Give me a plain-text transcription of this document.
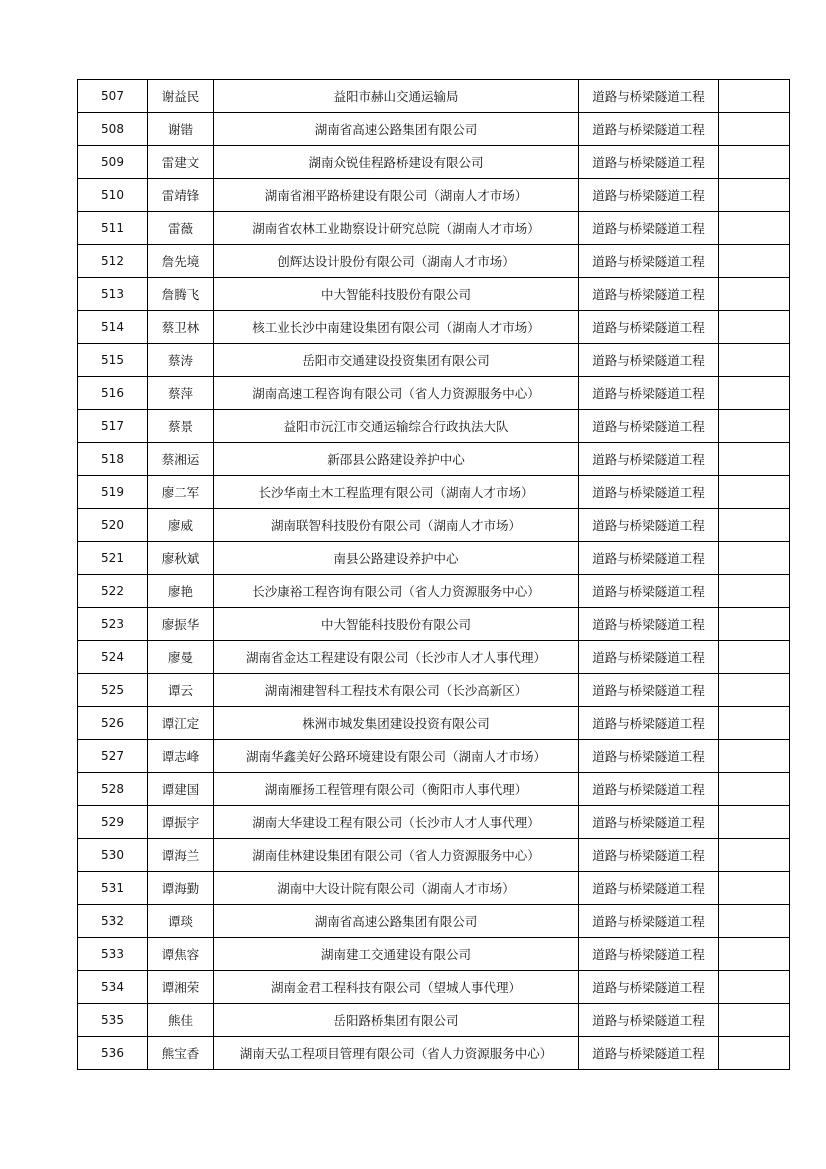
507	谢益民	益阳市赫山交通运输局	道路与桥梁隧道工程	
508	谢锴	湖南省高速公路集团有限公司	道路与桥梁隧道工程	
509	雷建文	湖南众锐佳程路桥建设有限公司	道路与桥梁隧道工程	
510	雷靖锋	湖南省湘平路桥建设有限公司（湖南人才市场）	道路与桥梁隧道工程	
511	雷薇	湖南省农林工业勘察设计研究总院（湖南人才市场）	道路与桥梁隧道工程	
512	詹先境	创辉达设计股份有限公司（湖南人才市场）	道路与桥梁隧道工程	
513	詹腾飞	中大智能科技股份有限公司	道路与桥梁隧道工程	
514	蔡卫林	核工业长沙中南建设集团有限公司（湖南人才市场）	道路与桥梁隧道工程	
515	蔡涛	岳阳市交通建设投资集团有限公司	道路与桥梁隧道工程	
516	蔡萍	湖南高速工程咨询有限公司（省人力资源服务中心）	道路与桥梁隧道工程	
517	蔡景	益阳市沅江市交通运输综合行政执法大队	道路与桥梁隧道工程	
518	蔡湘运	新邵县公路建设养护中心	道路与桥梁隧道工程	
519	廖二军	长沙华南土木工程监理有限公司（湖南人才市场）	道路与桥梁隧道工程	
520	廖威	湖南联智科技股份有限公司（湖南人才市场）	道路与桥梁隧道工程	
521	廖秋斌	南县公路建设养护中心	道路与桥梁隧道工程	
522	廖艳	长沙康裕工程咨询有限公司（省人力资源服务中心）	道路与桥梁隧道工程	
523	廖振华	中大智能科技股份有限公司	道路与桥梁隧道工程	
524	廖曼	湖南省金达工程建设有限公司（长沙市人才人事代理）	道路与桥梁隧道工程	
525	谭云	湖南湘建智科工程技术有限公司（长沙高新区）	道路与桥梁隧道工程	
526	谭江定	株洲市城发集团建设投资有限公司	道路与桥梁隧道工程	
527	谭志峰	湖南华鑫美好公路环境建设有限公司（湖南人才市场）	道路与桥梁隧道工程	
528	谭建国	湖南雁扬工程管理有限公司（衡阳市人事代理）	道路与桥梁隧道工程	
529	谭振宇	湖南大华建设工程有限公司（长沙市人才人事代理）	道路与桥梁隧道工程	
530	谭海兰	湖南佳林建设集团有限公司（省人力资源服务中心）	道路与桥梁隧道工程	
531	谭海勤	湖南中大设计院有限公司（湖南人才市场）	道路与桥梁隧道工程	
532	谭琰	湖南省高速公路集团有限公司	道路与桥梁隧道工程	
533	谭焦容	湖南建工交通建设有限公司	道路与桥梁隧道工程	
534	谭湘荣	湖南金君工程科技有限公司（望城人事代理）	道路与桥梁隧道工程	
535	熊佳	岳阳路桥集团有限公司	道路与桥梁隧道工程	
536	熊宝香	湖南天弘工程项目管理有限公司（省人力资源服务中心）	道路与桥梁隧道工程	
